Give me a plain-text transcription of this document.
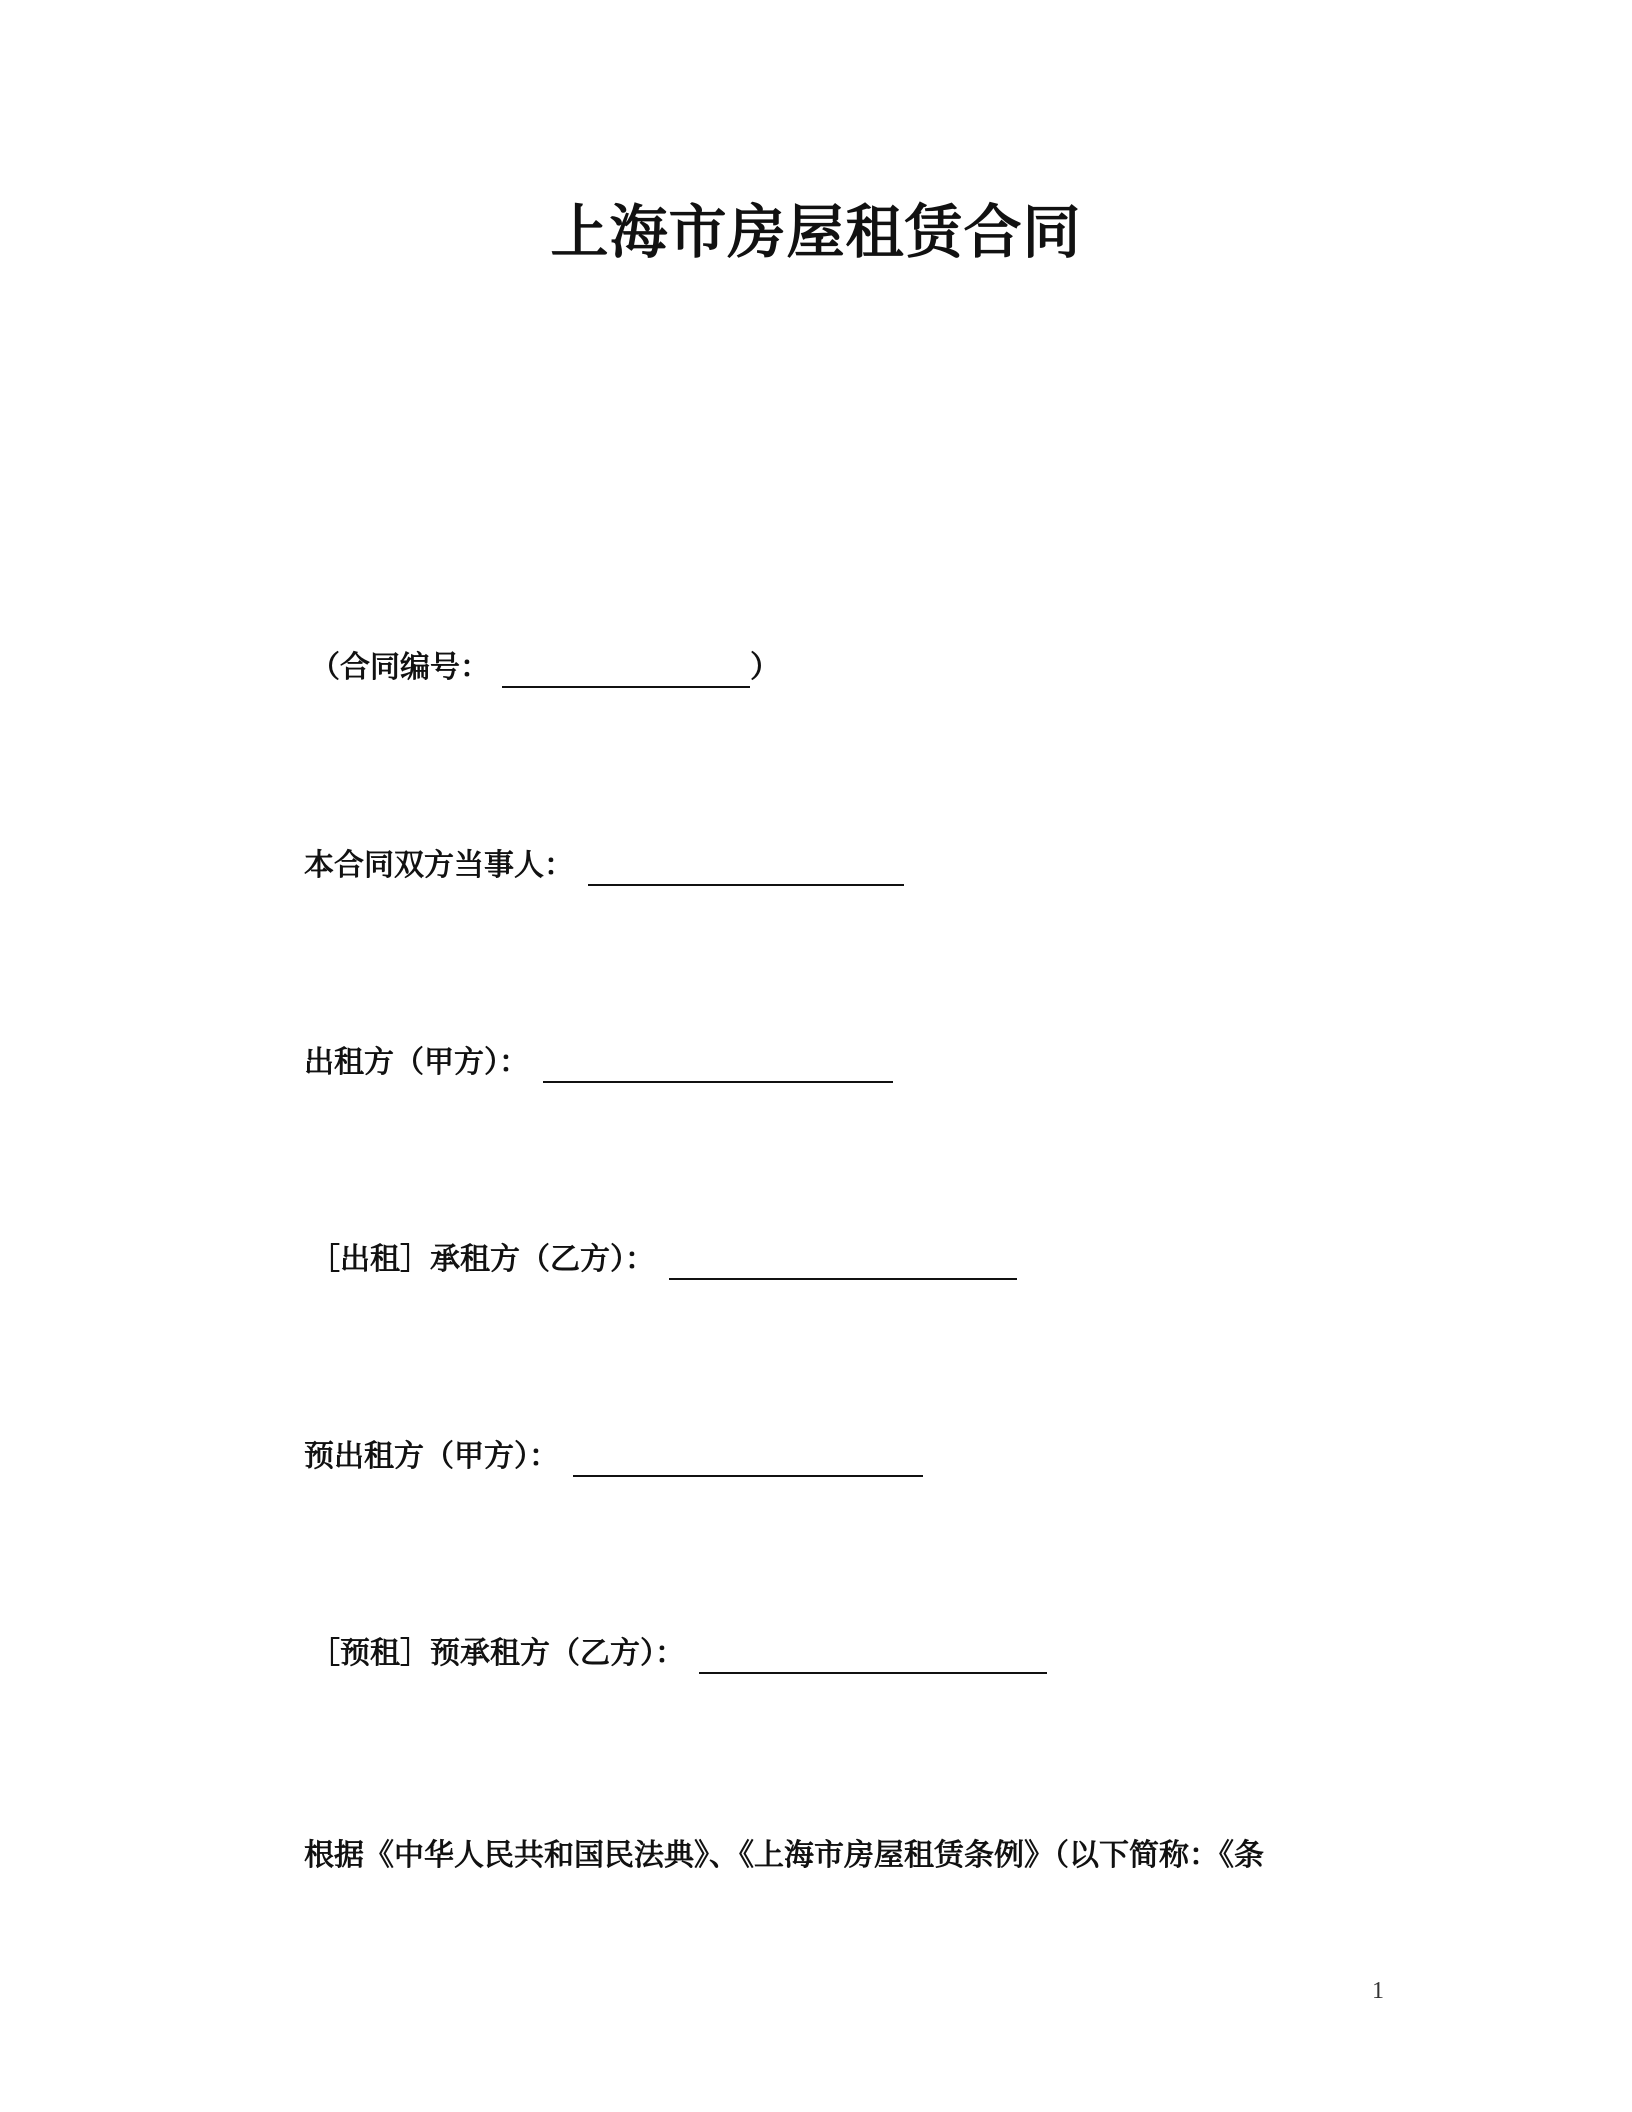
上海市房屋租赁合同
（合同编号：	）
本合同双方当事人：
出租方（甲方）：
［出租］承租方（乙方）：
预出租方（甲方）：
［预租］预承租方（乙方）：
根据《中华人民共和国民法典》、《上海市房屋租赁条例》（以下简称：《条
1
